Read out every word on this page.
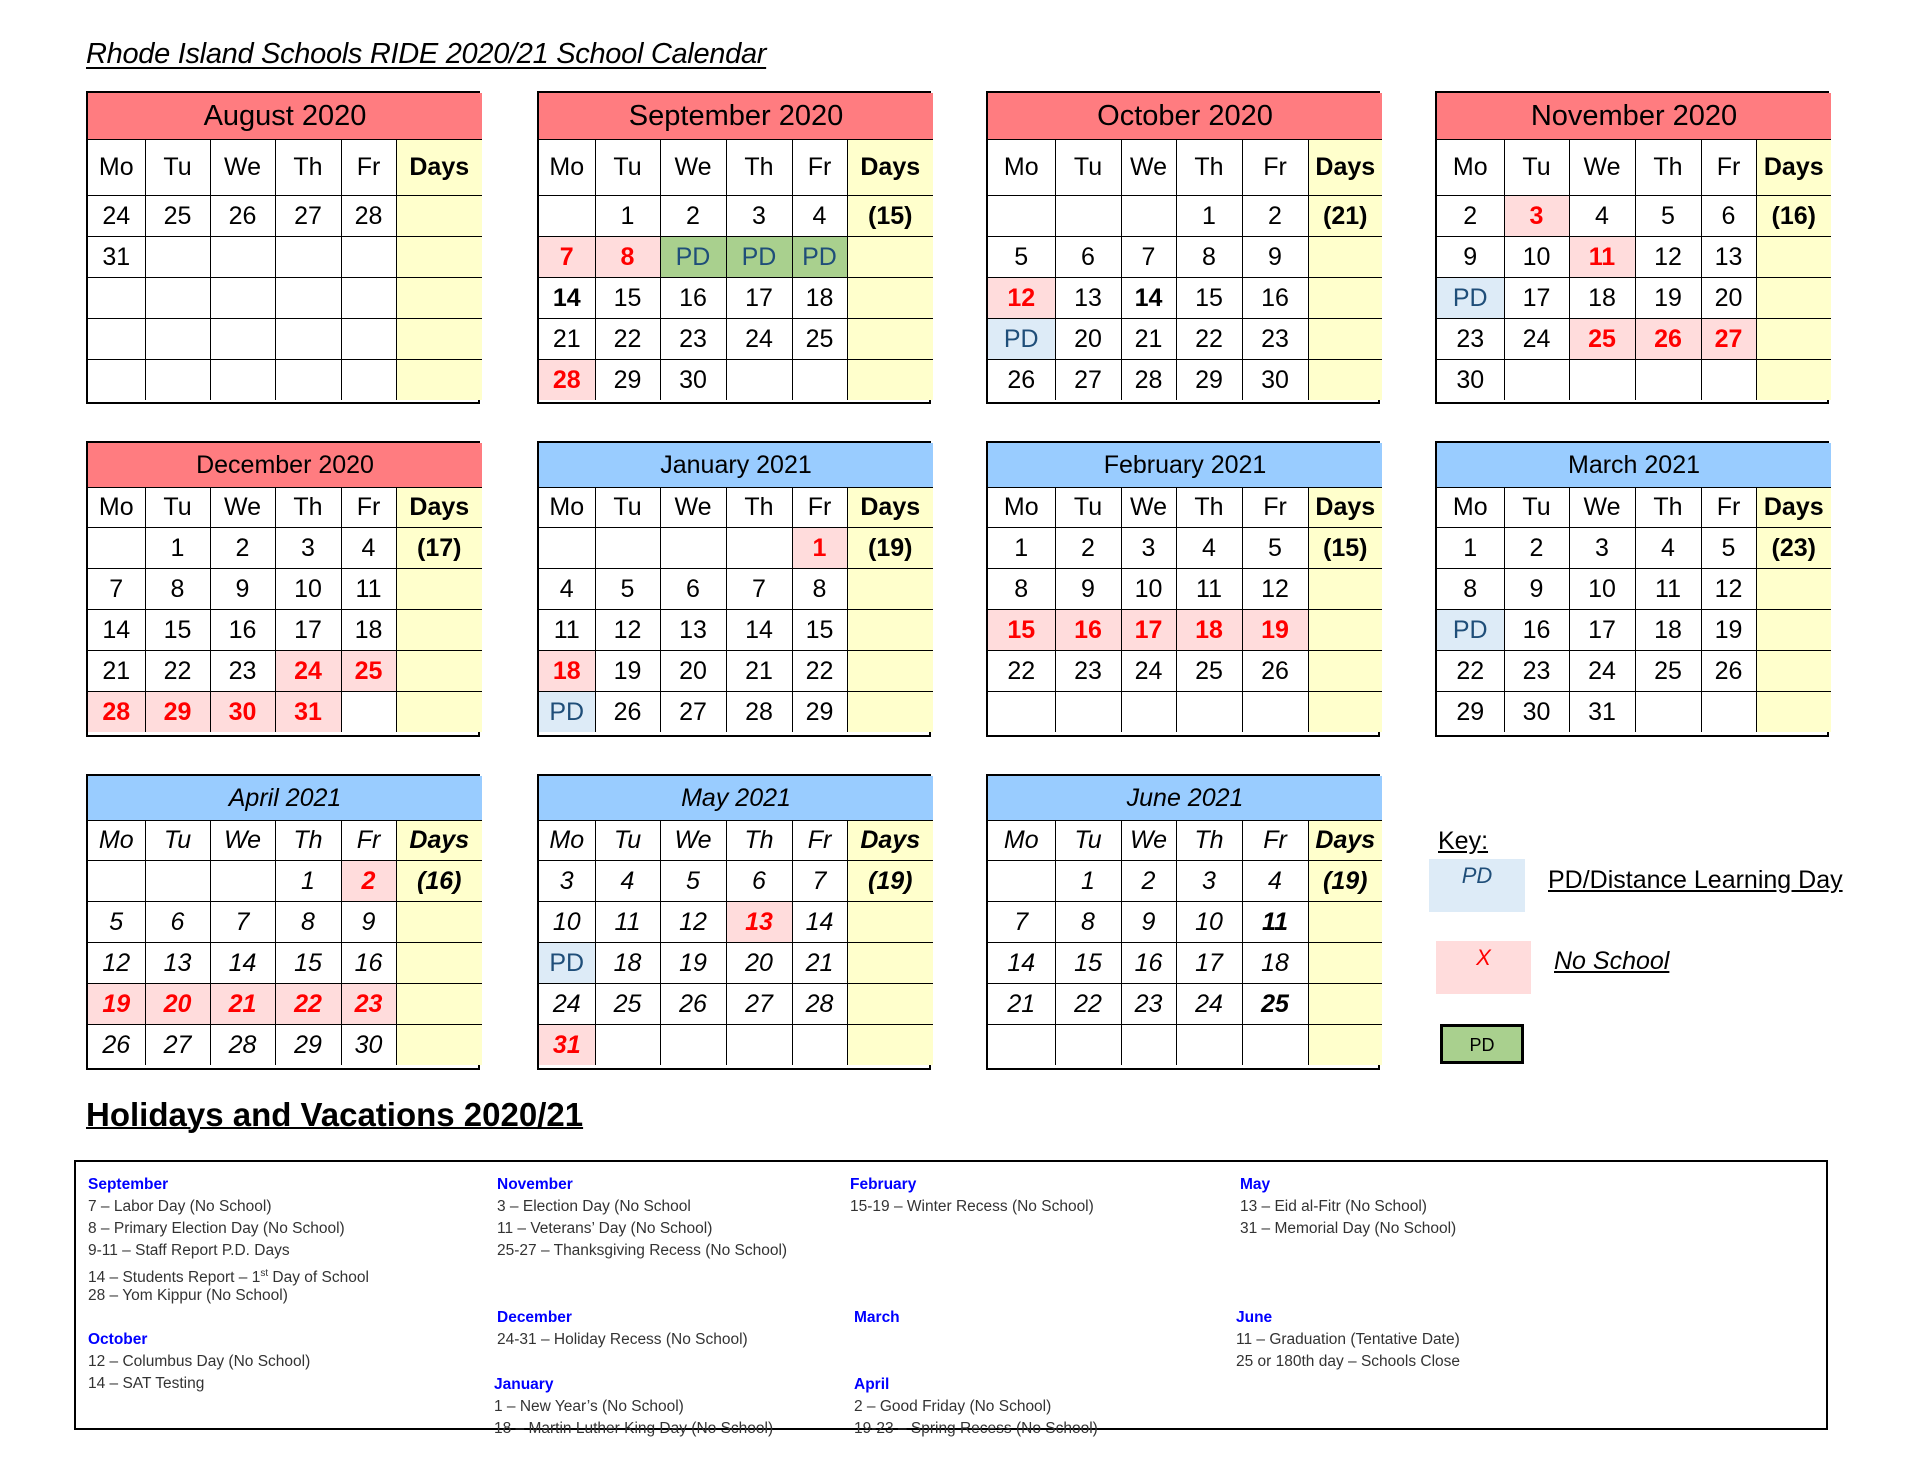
Rhode Island Schools RIDE 2020/21 School Calendar
August 2020					
Mo	Tu	We	Th	Fr	Days
24	25	26	27	28	
31					

September 2020					
Mo	Tu	We	Th	Fr	Days
	1	2	3	4	(15)
7	8	PD	PD	PD	
14	15	16	17	18	
21	22	23	24	25	
28	29	30			
October 2020					
Mo	Tu	We	Th	Fr	Days
			1	2	(21)
5	6	7	8	9	
12	13	14	15	16	
PD	20	21	22	23	
26	27	28	29	30	
November 2020					
Mo	Tu	We	Th	Fr	Days
2	3	4	5	6	(16)
9	10	11	12	13	
PD	17	18	19	20	
23	24	25	26	27	
30					
December 2020					
Mo	Tu	We	Th	Fr	Days
	1	2	3	4	(17)
7	8	9	10	11	
14	15	16	17	18	
21	22	23	24	25	
28	29	30	31		
January 2021					
Mo	Tu	We	Th	Fr	Days
				1	(19)
4	5	6	7	8	
11	12	13	14	15	
18	19	20	21	22	
PD	26	27	28	29	
February 2021					
Mo	Tu	We	Th	Fr	Days
1	2	3	4	5	(15)
8	9	10	11	12	
15	16	17	18	19	
22	23	24	25	26	

March 2021					
Mo	Tu	We	Th	Fr	Days
1	2	3	4	5	(23)
8	9	10	11	12	
PD	16	17	18	19	
22	23	24	25	26	
29	30	31			
April 2021					
Mo	Tu	We	Th	Fr	Days
			1	2	(16)
5	6	7	8	9	
12	13	14	15	16	
19	20	21	22	23	
26	27	28	29	30	
May 2021					
Mo	Tu	We	Th	Fr	Days
3	4	5	6	7	(19)
10	11	12	13	14	
PD	18	19	20	21	
24	25	26	27	28	
31					
June 2021					
Mo	Tu	We	Th	Fr	Days
	1	2	3	4	(19)
7	8	9	10	11	
14	15	16	17	18	
21	22	23	24	25	

Key:
PD	PD/Distance Learning Day
X	No School
PD
Holidays and Vacations 2020/21
September
7 – Labor Day (No School)
8 – Primary Election Day (No School)
9-11 – Staff Report P.D. Days
14 – Students Report – 1st Day of School
28 – Yom Kippur (No School)
October
12 – Columbus Day (No School)
14 – SAT Testing
November
3 – Election Day (No School
11 – Veterans’ Day (No School)
25-27 – Thanksgiving Recess (No School)
December
24-31 – Holiday Recess (No School)
January
1 – New Year’s (No School)
18 – Martin Luther King Day (No School)
February
15-19 – Winter Recess (No School)
March
April
2 – Good Friday (No School)
19-23 – Spring Recess (No School)
May
13 – Eid al-Fitr (No School)
31 – Memorial Day (No School)
June
11 – Graduation (Tentative Date)
25 or 180th day – Schools Close
